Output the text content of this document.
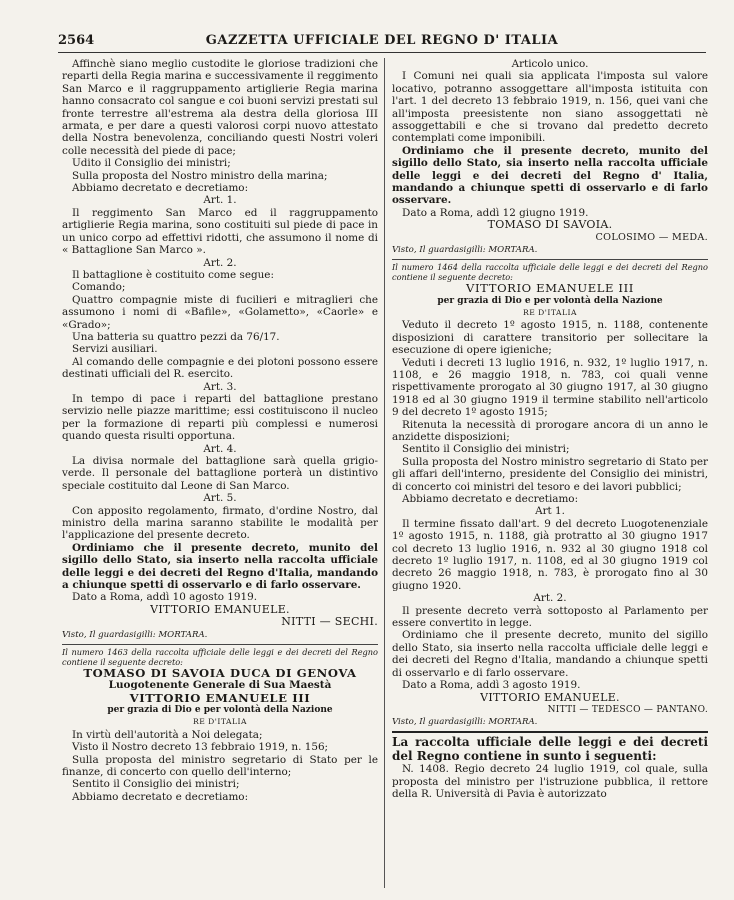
2564	GAZZETTA UFFICIALE DEL REGNO D' ITALIA

Affinchè siano meglio custodite le gloriose tradizioni che reparti della Regia marina e successivamente il reggimento San Marco e il raggruppamento artiglierie Regia marina hanno consacrato col sangue e coi buoni servizi prestati sul fronte terrestre all'estrema ala destra della gloriosa III armata, e per dare a questi valorosi corpi nuovo attestato della Nostra benevolenza, conciliando questi Nostri voleri colle necessità del piede di pace;

Udito il Consiglio dei ministri;

Sulla proposta del Nostro ministro della marina;

Abbiamo decretato e decretiamo:

Art. 1.

Il reggimento San Marco ed il raggruppamento artiglierie Regia marina, sono costituiti sul piede di pace in un unico corpo ad effettivi ridotti, che assumono il nome di « Battaglione San Marco ».

Art. 2.

Il battaglione è costituito come segue:

Comando;

Quattro compagnie miste di fucilieri e mitraglieri che assumono i nomi di «Bafile», «Golametto», «Caorle» e «Grado»;

Una batteria su quattro pezzi da 76/17.

Servizi ausiliari.

Al comando delle compagnie e dei plotoni possono essere destinati ufficiali del R. esercito.

Art. 3.

In tempo di pace i reparti del battaglione prestano servizio nelle piazze marittime; essi costituiscono il nucleo per la formazione di reparti più complessi e numerosi quando questa risulti opportuna.

Art. 4.

La divisa normale del battaglione sarà quella grigio-verde. Il personale del battaglione porterà un distintivo speciale costituito dal Leone di San Marco.

Art. 5.

Con apposito regolamento, firmato, d'ordine Nostro, dal ministro della marina saranno stabilite le modalità per l'applicazione del presente decreto.

Ordiniamo che il presente decreto, munito del sigillo dello Stato, sia inserto nella raccolta ufficiale delle leggi e dei decreti del Regno d'Italia, mandando a chiunque spetti di osservarlo e di farlo osservare.

Dato a Roma, addì 10 agosto 1919.

VITTORIO EMANUELE.

NITTI — SECHI.

Visto, Il guardasigilli: MORTARA.

Il numero 1463 della raccolta ufficiale delle leggi e dei decreti del Regno contiene il seguente decreto:

TOMASO DI SAVOIA DUCA DI GENOVA

Luogotenente Generale di Sua Maestà

VITTORIO EMANUELE III

per grazia di Dio e per volontà della Nazione

RE D'ITALIA

In virtù dell'autorità a Noi delegata;

Visto il Nostro decreto 13 febbraio 1919, n. 156;

Sulla proposta del ministro segretario di Stato per le finanze, di concerto con quello dell'interno;

Sentito il Consiglio dei ministri;

Abbiamo decretato e decretiamo:

Articolo unico.

I Comuni nei quali sia applicata l'imposta sul valore locativo, potranno assoggettare all'imposta istituita con l'art. 1 del decreto 13 febbraio 1919, n. 156, quei vani che all'imposta preesistente non siano assoggettati nè assoggettabili e che si trovano dal predetto decreto contemplati come imponibili.

Ordiniamo che il presente decreto, munito del sigillo dello Stato, sia inserto nella raccolta ufficiale delle leggi e dei decreti del Regno d' Italia, mandando a chiunque spetti di osservarlo e di farlo osservare.

Dato a Roma, addì 12 giugno 1919.

TOMASO DI SAVOIA.

COLOSIMO — MEDA.

Visto, Il guardasigilli: MORTARA.

Il numero 1464 della raccolta ufficiale delle leggi e dei decreti del Regno contiene il seguente decreto:

VITTORIO EMANUELE III

per grazia di Dio e per volontà della Nazione

RE D'ITALIA

Veduto il decreto 1º agosto 1915, n. 1188, contenente disposizioni di carattere transitorio per sollecitare la esecuzione di opere igieniche;

Veduti i decreti 13 luglio 1916, n. 932, 1º luglio 1917, n. 1108, e 26 maggio 1918, n. 783, coi quali venne rispettivamente prorogato al 30 giugno 1917, al 30 giugno 1918 ed al 30 giugno 1919 il termine stabilito nell'articolo 9 del decreto 1º agosto 1915;

Ritenuta la necessità di prorogare ancora di un anno le anzidette disposizioni;

Sentito il Consiglio dei ministri;

Sulla proposta del Nostro ministro segretario di Stato per gli affari dell'interno, presidente del Consiglio dei ministri, di concerto coi ministri del tesoro e dei lavori pubblici;

Abbiamo decretato e decretiamo:

Art 1.

Il termine fissato dall'art. 9 del decreto Luogotenenziale 1º agosto 1915, n. 1188, già protratto al 30 giugno 1917 col decreto 13 luglio 1916, n. 932 al 30 giugno 1918 col decreto 1º luglio 1917, n. 1108, ed al 30 giugno 1919 col decreto 26 maggio 1918, n. 783, è prorogato fino al 30 giugno 1920.

Art. 2.

Il presente decreto verrà sottoposto al Parlamento per essere convertito in legge.

Ordiniamo che il presente decreto, munito del sigillo dello Stato, sia inserto nella raccolta ufficiale delle leggi e dei decreti del Regno d'Italia, mandando a chiunque spetti di osservarlo e di farlo osservare.

Dato a Roma, addì 3 agosto 1919.

VITTORIO EMANUELE.

NITTI — TEDESCO — PANTANO.

Visto, Il guardasigilli: MORTARA.

La raccolta ufficiale delle leggi e dei decreti del Regno contiene in sunto i seguenti:

N. 1408. Regio decreto 24 luglio 1919, col quale, sulla proposta del ministro per l'istruzione pubblica, il rettore della R. Università di Pavia è autorizzato
